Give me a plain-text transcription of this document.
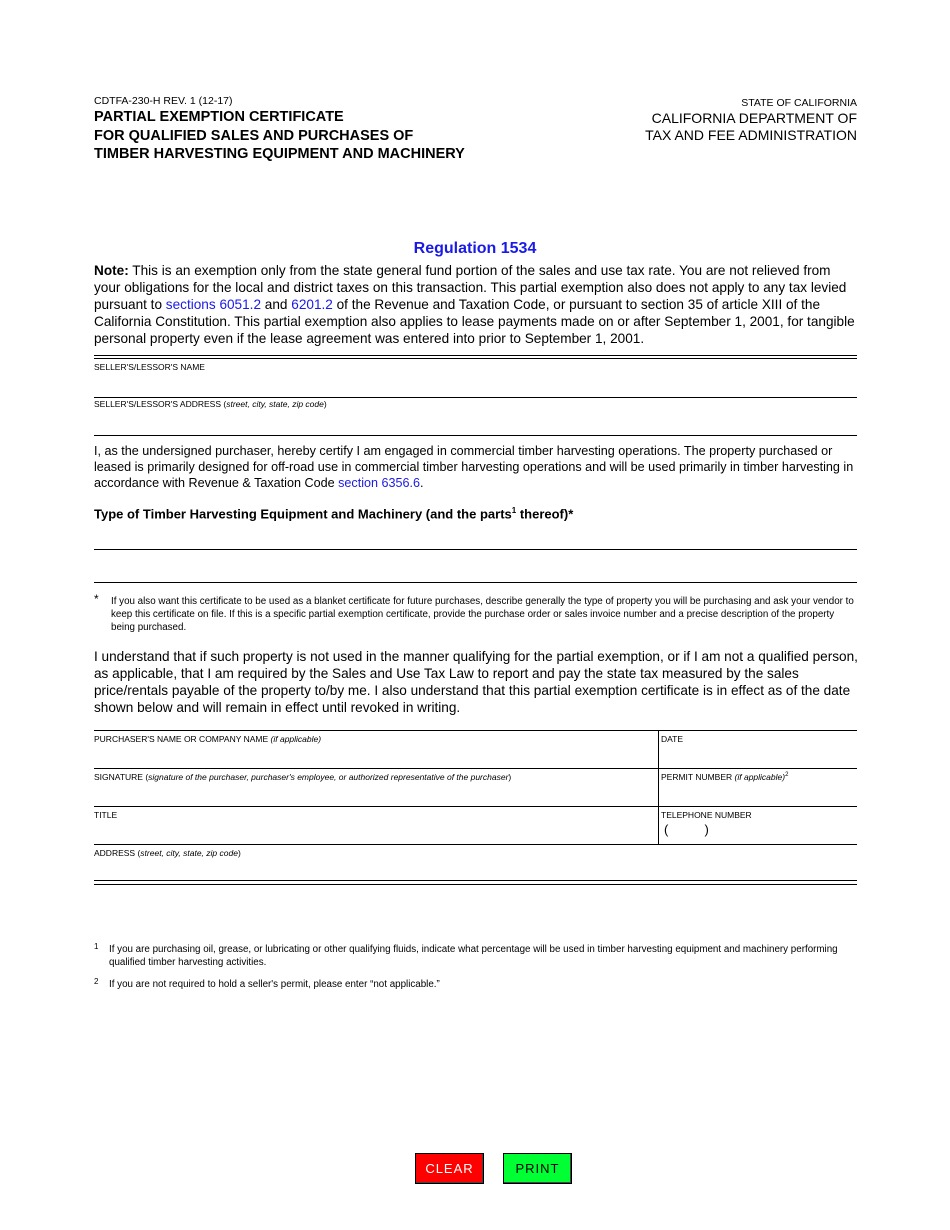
CDTFA-230-H REV. 1 (12-17)
PARTIAL EXEMPTION CERTIFICATE
FOR QUALIFIED SALES AND PURCHASES OF
TIMBER HARVESTING EQUIPMENT AND MACHINERY
STATE OF CALIFORNIA
CALIFORNIA DEPARTMENT OF
TAX AND FEE ADMINISTRATION
Regulation 1534
Note: This is an exemption only from the state general fund portion of the sales and use tax rate. You are not relieved from your obligations for the local and district taxes on this transaction. This partial exemption also does not apply to any tax levied pursuant to sections 6051.2 and 6201.2 of the Revenue and Taxation Code, or pursuant to section 35 of article XIII of the California Constitution. This partial exemption also applies to lease payments made on or after September 1, 2001, for tangible personal property even if the lease agreement was entered into prior to September 1, 2001.
SELLER'S/LESSOR'S NAME
SELLER'S/LESSOR'S ADDRESS (street, city, state, zip code)
I, as the undersigned purchaser, hereby certify I am engaged in commercial timber harvesting operations. The property purchased or leased is primarily designed for off-road use in commercial timber harvesting operations and will be used primarily in timber harvesting in accordance with Revenue & Taxation Code section 6356.6.
Type of Timber Harvesting Equipment and Machinery (and the parts$^1$ thereof)*
* If you also want this certificate to be used as a blanket certificate for future purchases, describe generally the type of property you will be purchasing and ask your vendor to keep this certificate on file. If this is a specific partial exemption certificate, provide the purchase order or sales invoice number and a precise description of the property being purchased.
I understand that if such property is not used in the manner qualifying for the partial exemption, or if I am not a qualified person, as applicable, that I am required by the Sales and Use Tax Law to report and pay the state tax measured by the sales price/rentals payable of the property to/by me. I also understand that this partial exemption certificate is in effect as of the date shown below and will remain in effect until revoked in writing.
PURCHASER'S NAME OR COMPANY NAME (if applicable)	DATE
SIGNATURE (signature of the purchaser, purchaser's employee, or authorized representative of the purchaser)	PERMIT NUMBER (if applicable)$^2$
TITLE	TELEPHONE NUMBER
(          )
ADDRESS (street, city, state, zip code)
1 If you are purchasing oil, grease, or lubricating or other qualifying fluids, indicate what percentage will be used in timber harvesting equipment and machinery performing qualified timber harvesting activities.
2 If you are not required to hold a seller's permit, please enter “not applicable.”
CLEAR	PRINT
